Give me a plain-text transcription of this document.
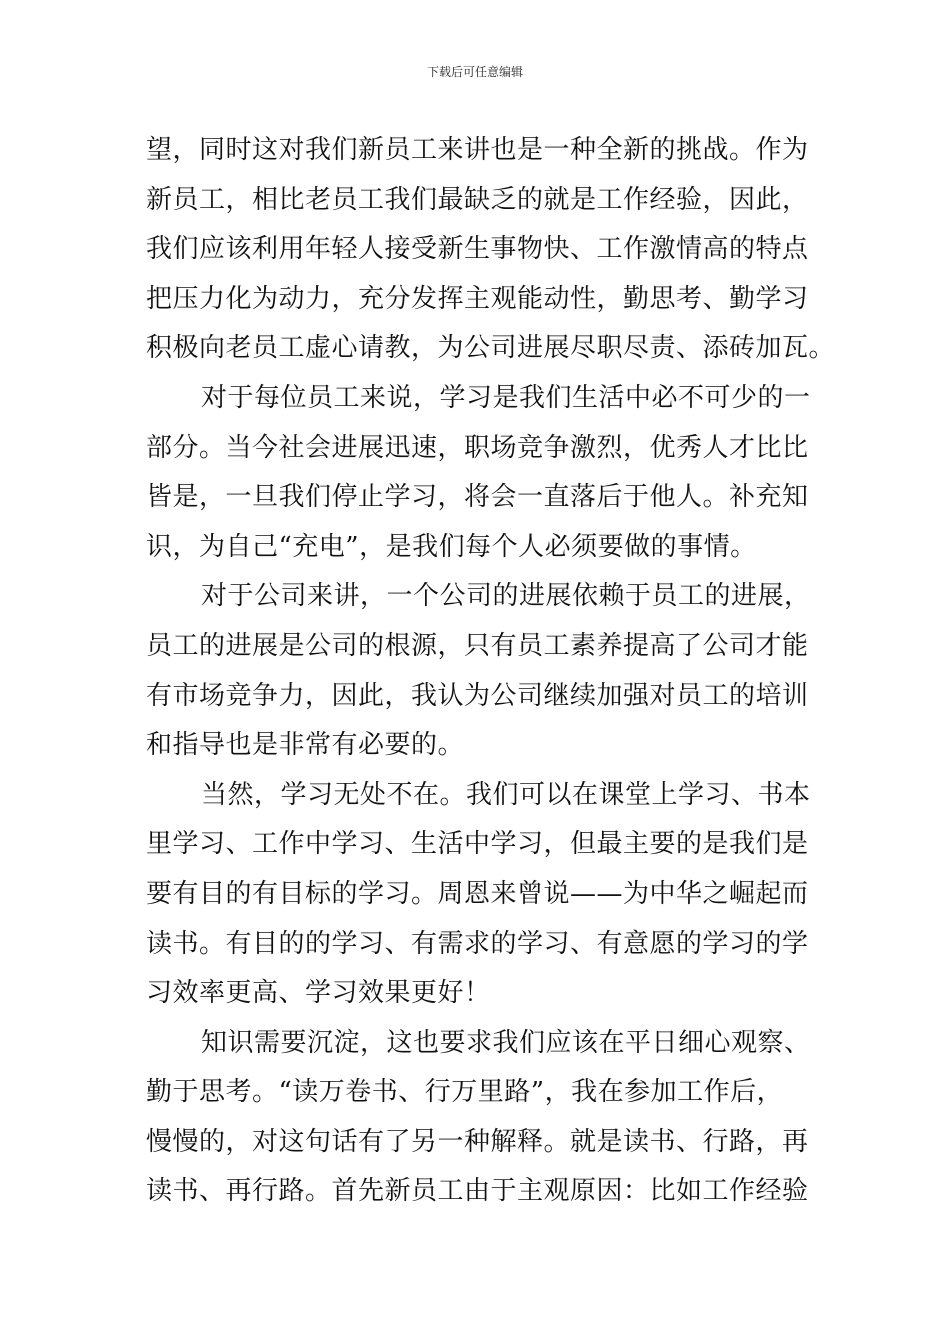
下载后可任意编辑
望，同时这对我们新员工来讲也是一种全新的挑战。作为
新员工，相比老员工我们最缺乏的就是工作经验，因此，
我们应该利用年轻人接受新生事物快、工作激情高的特点
把压力化为动力，充分发挥主观能动性，勤思考、勤学习
积极向老员工虚心请教，为公司进展尽职尽责、添砖加瓦。
对于每位员工来说，学习是我们生活中必不可少的一
部分。当今社会进展迅速，职场竞争激烈，优秀人才比比
皆是，一旦我们停止学习，将会一直落后于他人。补充知
识，为自己“充电”，是我们每个人必须要做的事情。
对于公司来讲，一个公司的进展依赖于员工的进展，
员工的进展是公司的根源，只有员工素养提高了公司才能
有市场竞争力，因此，我认为公司继续加强对员工的培训
和指导也是非常有必要的。
当然，学习无处不在。我们可以在课堂上学习、书本
里学习、工作中学习、生活中学习，但最主要的是我们是
要有目的有目标的学习。周恩来曾说——为中华之崛起而
读书。有目的的学习、有需求的学习、有意愿的学习的学
习效率更高、学习效果更好！
知识需要沉淀，这也要求我们应该在平日细心观察、
勤于思考。“读万卷书、行万里路”，我在参加工作后，
慢慢的，对这句话有了另一种解释。就是读书、行路，再
读书、再行路。首先新员工由于主观原因：比如工作经验
